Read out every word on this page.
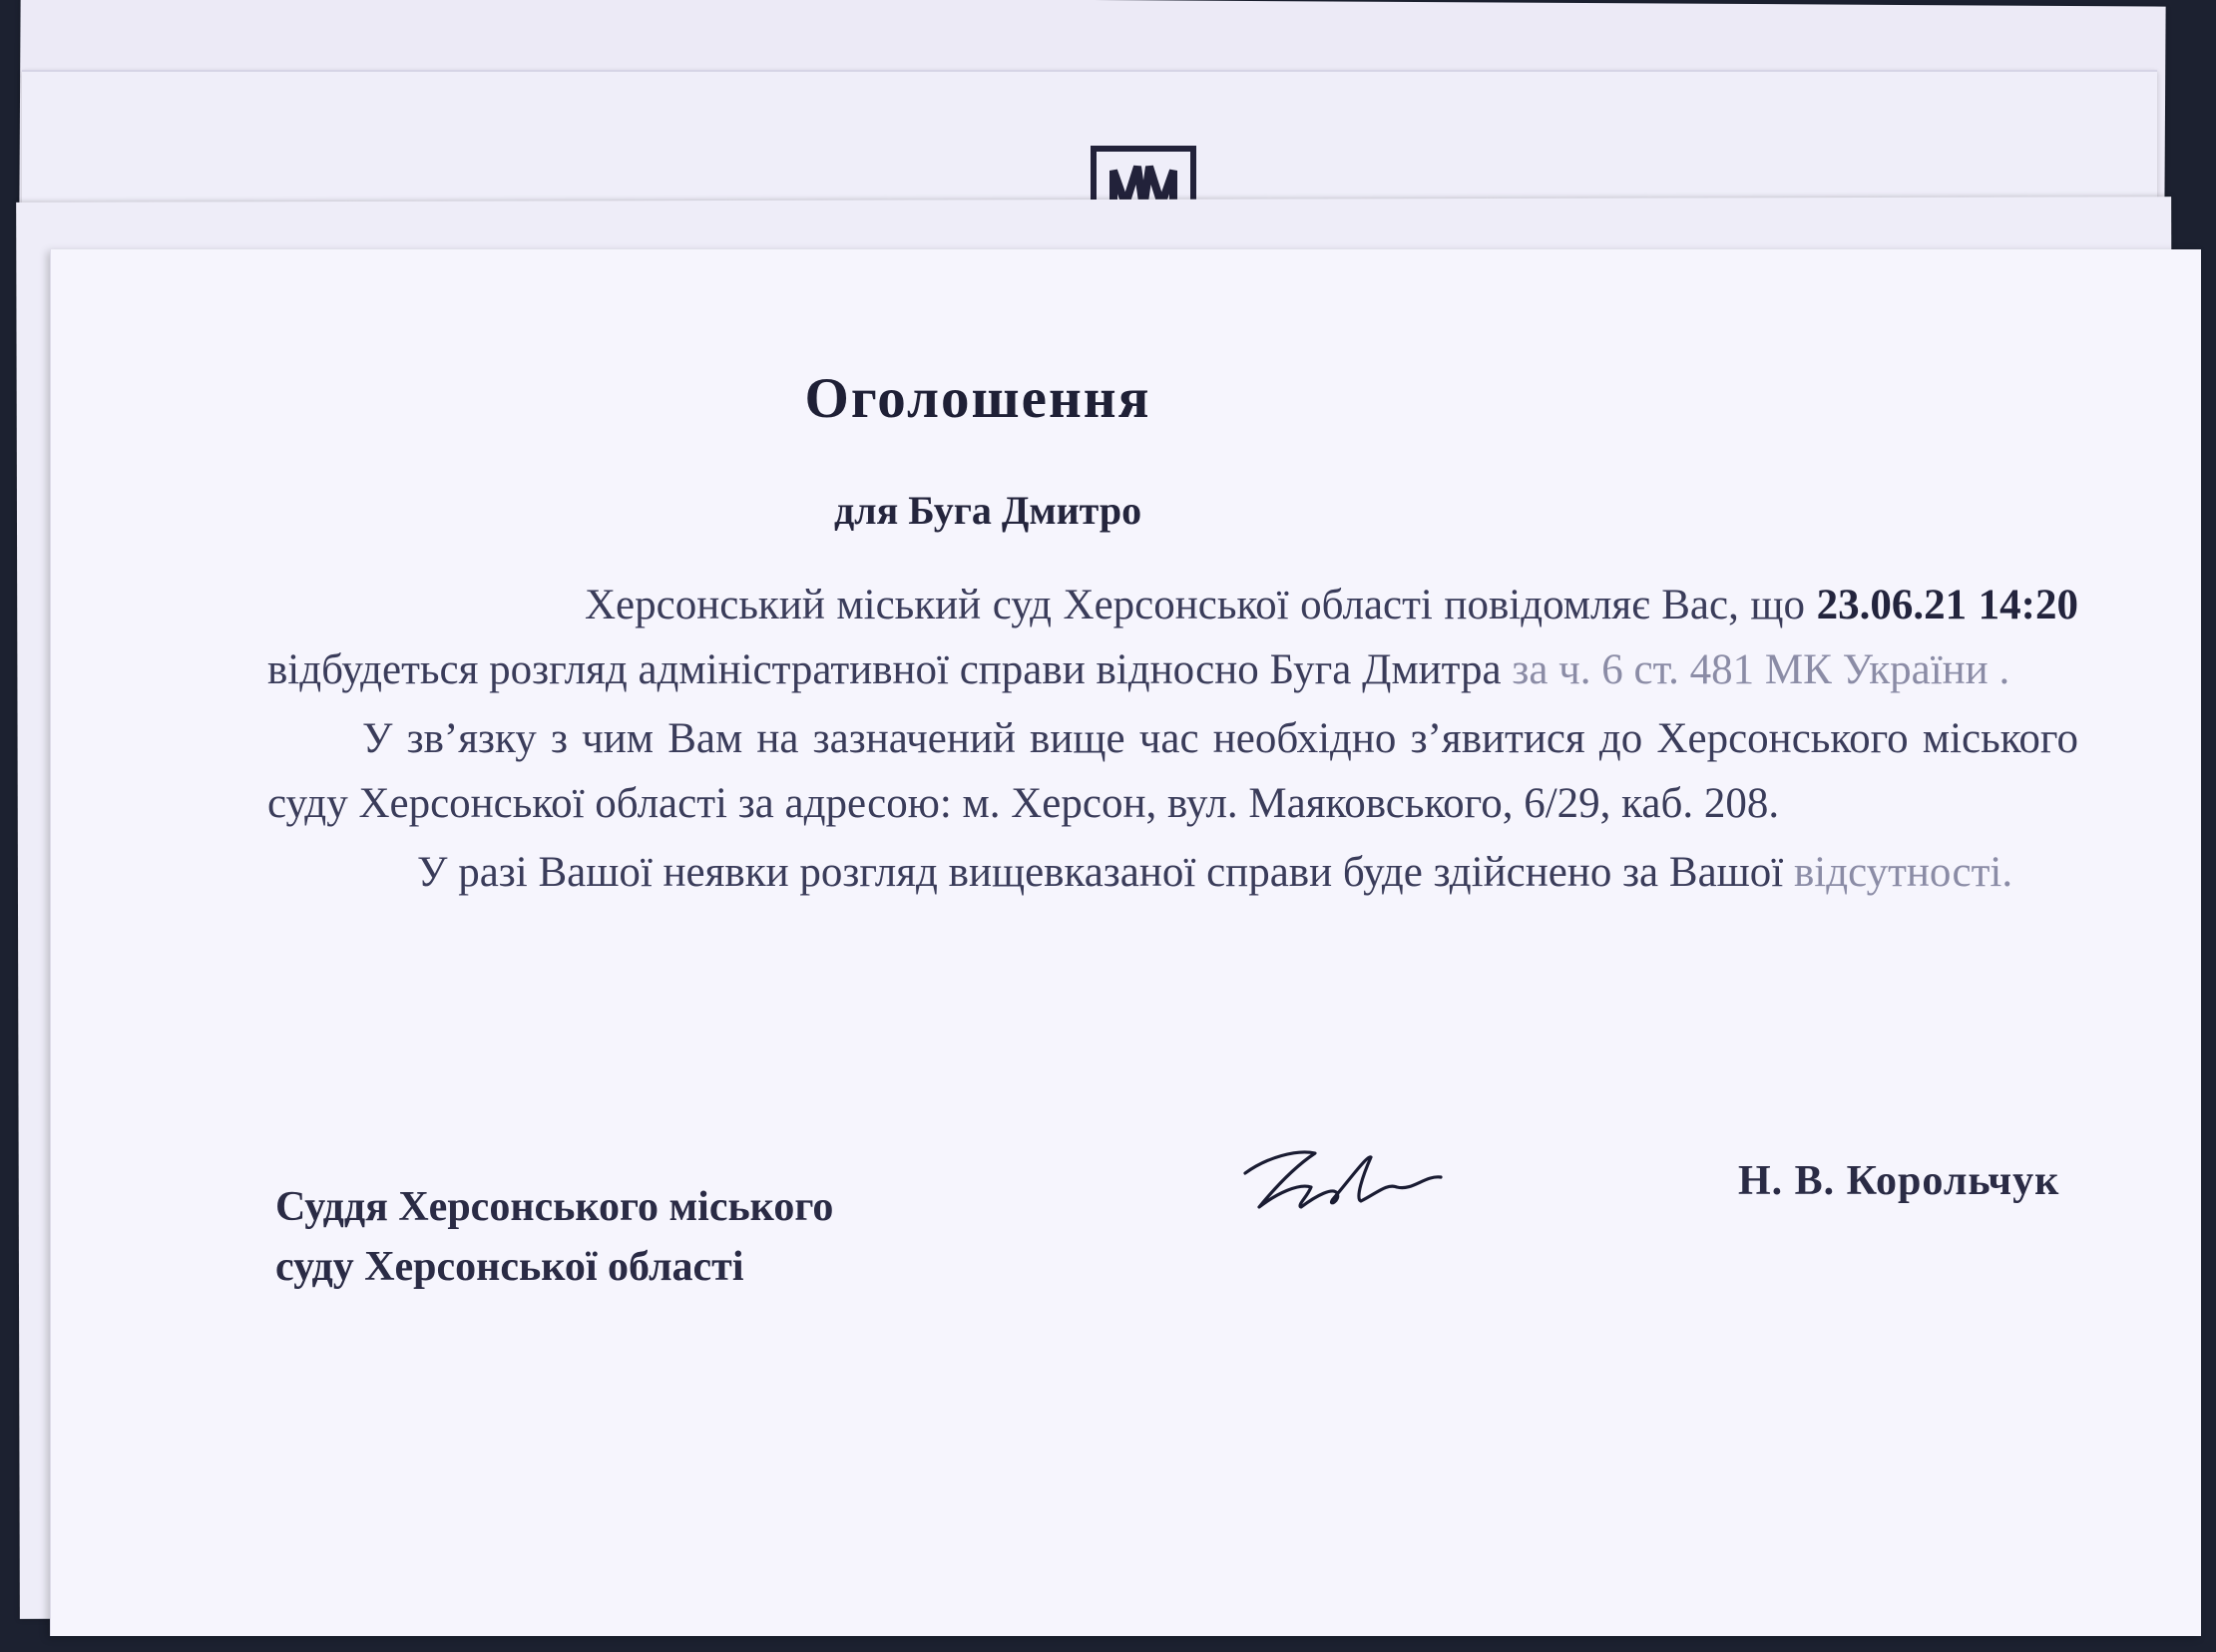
Оголошення
для Буга Дмитро

Херсонський міський суд Херсонської області повідомляє Вас, що 23.06.21 14:20 відбудеться розгляд адміністративної справи відносно Буга Дмитра за ч. 6 ст. 481 МК України .

У зв’язку з чим Вам на зазначений вище час необхідно з’явитися до Херсонського міського суду Херсонської області за адресою: м. Херсон, вул. Маяковського, 6/29, каб. 208.

У разі Вашої неявки розгляд вищевказаної справи буде здійснено за Вашої відсутності.

Суддя Херсонського міського
суду Херсонської області
Н. В. Корольчук
